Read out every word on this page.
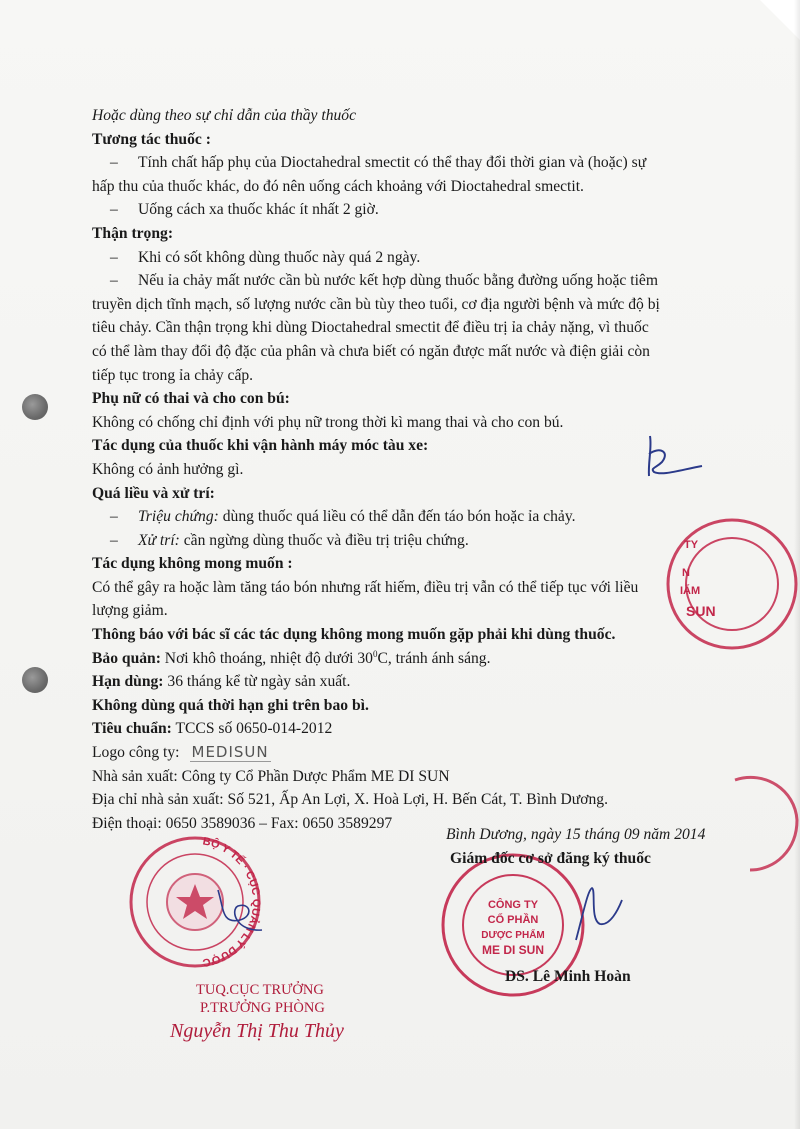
Hoặc dùng theo sự chỉ dẫn của thầy thuốc
Tương tác thuốc :
– Tính chất hấp phụ của Dioctahedral smectit có thể thay đổi thời gian và (hoặc) sự
hấp thu của thuốc khác, do đó nên uống cách khoảng với Dioctahedral smectit.
– Uống cách xa thuốc khác ít nhất 2 giờ.
Thận trọng:
– Khi có sốt không dùng thuốc này quá 2 ngày.
– Nếu ỉa chảy mất nước cần bù nước kết hợp dùng thuốc bằng đường uống hoặc tiêm
truyền dịch tĩnh mạch, số lượng nước cần bù tùy theo tuổi, cơ địa người bệnh và mức độ bị
tiêu chảy. Cần thận trọng khi dùng Dioctahedral smectit để điều trị ỉa chảy nặng, vì thuốc
có thể làm thay đổi độ đặc của phân và chưa biết có ngăn được mất nước và điện giải còn
tiếp tục trong ỉa chảy cấp.
Phụ nữ có thai và cho con bú:
Không có chống chỉ định với phụ nữ trong thời kì mang thai và cho con bú.
Tác dụng của thuốc khi vận hành máy móc tàu xe:
Không có ảnh hưởng gì.
Quá liều và xử trí:
– Triệu chứng: dùng thuốc quá liều có thể dẫn đến táo bón hoặc ỉa chảy.
– Xử trí: cần ngừng dùng thuốc và điều trị triệu chứng.
Tác dụng không mong muốn :
Có thể gây ra hoặc làm tăng táo bón nhưng rất hiếm, điều trị vẫn có thể tiếp tục với liều
lượng giảm.
Thông báo với bác sĩ các tác dụng không mong muốn gặp phải khi dùng thuốc.
Bảo quản: Nơi khô thoáng, nhiệt độ dưới $30^0C$, tránh ánh sáng.
Hạn dùng: 36 tháng kể từ ngày sản xuất.
Không dùng quá thời hạn ghi trên bao bì.
Tiêu chuẩn: TCCS số 0650-014-2012
Logo công ty: MEDISUN
Nhà sản xuất: Công ty Cổ Phần Dược Phẩm ME DI SUN
Địa chỉ nhà sản xuất: Số 521, Ấp An Lợi, X. Hoà Lợi, H. Bến Cát, T. Bình Dương.
Điện thoại: 0650 3589036 – Fax: 0650 3589297
TY
N
IẨM
SUN
BỘ Y TẾ · CỤC QUẢN LÝ DƯỢC
CÔNG TY
CỔ PHẦN
DƯỢC PHẨM
ME DI SUN
Bình Dương, ngày 15 tháng 09 năm 2014
Giám đốc cơ sở đăng ký thuốc
DS. Lê Minh Hoàn
TUQ.CỤC TRƯỞNG
P.TRƯỞNG PHÒNG
Nguyễn Thị Thu Thủy
